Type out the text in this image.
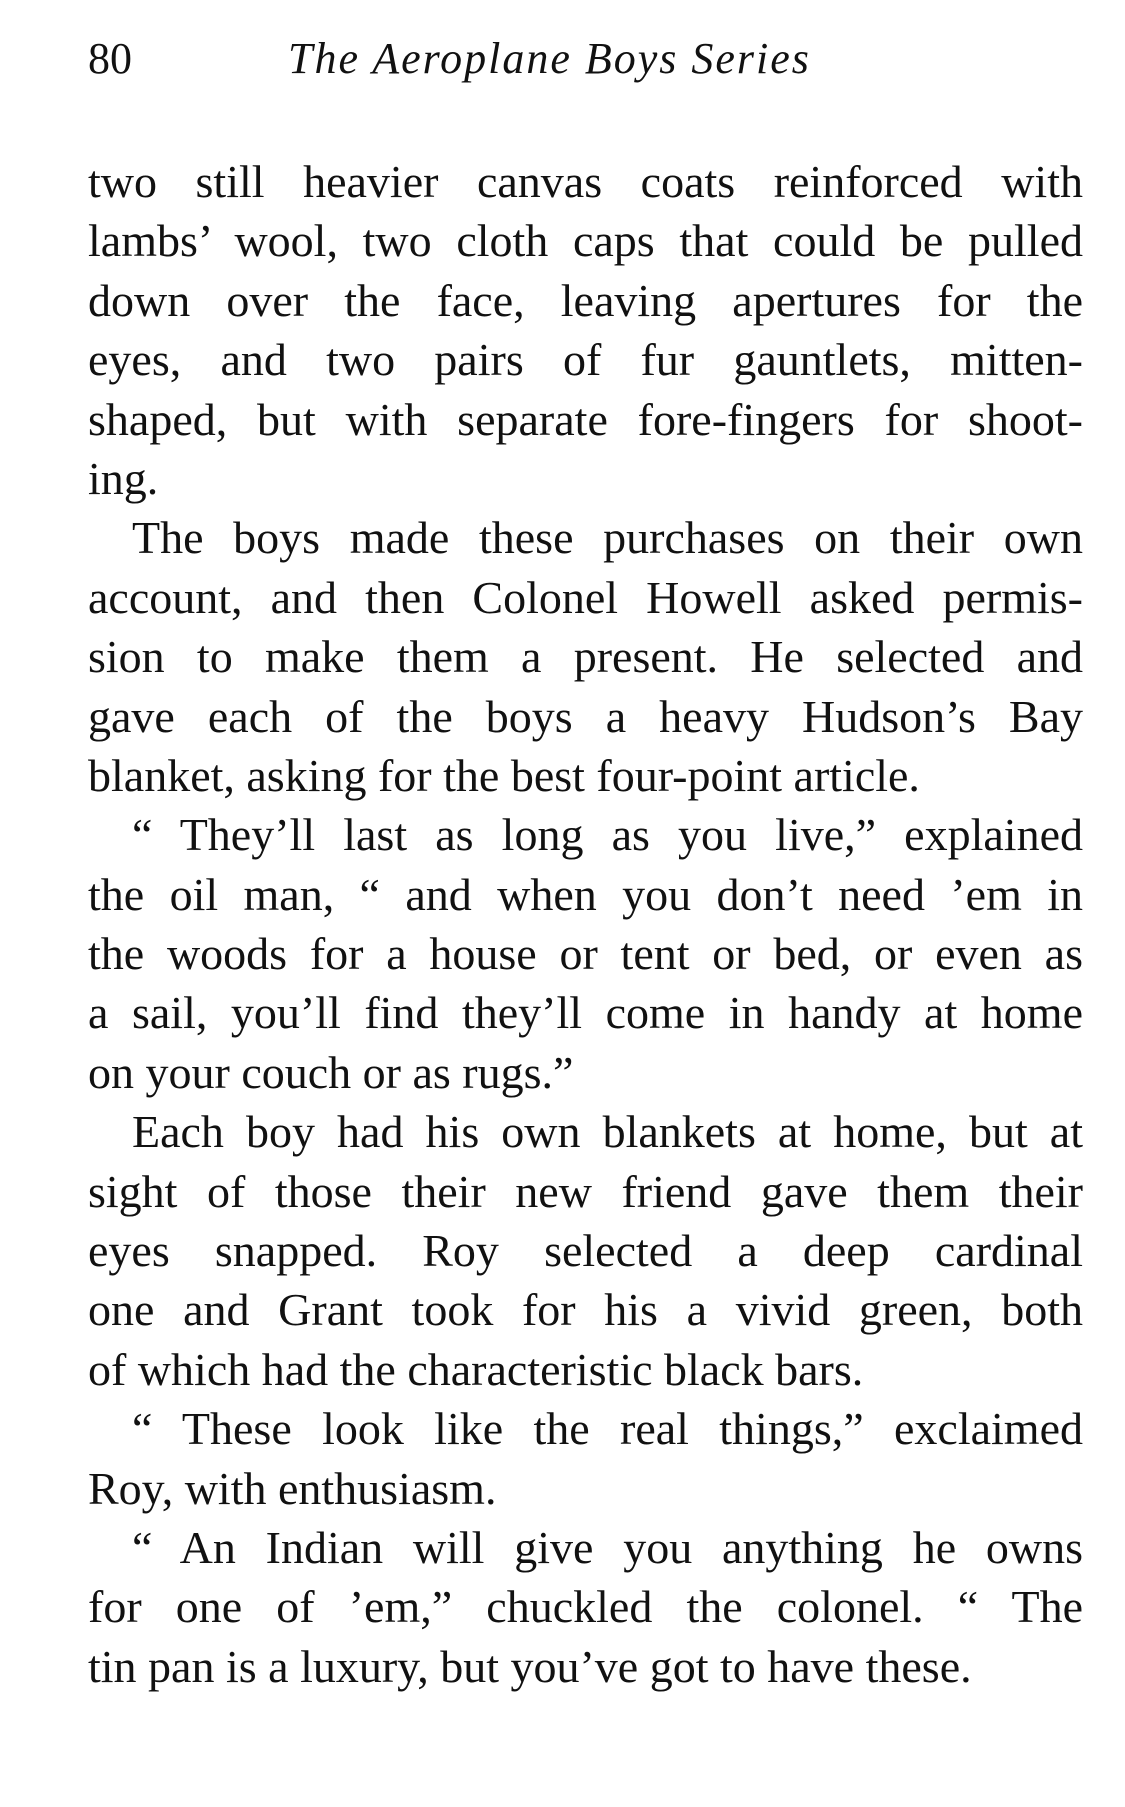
80	The Aeroplane Boys Series
two still heavier canvas coats reinforced with
lambs’ wool, two cloth caps that could be pulled
down over the face, leaving apertures for the
eyes, and two pairs of fur gauntlets, mitten-
shaped, but with separate fore-fingers for shoot-
ing.
The boys made these purchases on their own
account, and then Colonel Howell asked permis-
sion to make them a present. He selected and
gave each of the boys a heavy Hudson’s Bay
blanket, asking for the best four-point article.
“ They’ll last as long as you live,” explained
the oil man, “ and when you don’t need ’em in
the woods for a house or tent or bed, or even as
a sail, you’ll find they’ll come in handy at home
on your couch or as rugs.”
Each boy had his own blankets at home, but at
sight of those their new friend gave them their
eyes snapped. Roy selected a deep cardinal
one and Grant took for his a vivid green, both
of which had the characteristic black bars.
“ These look like the real things,” exclaimed
Roy, with enthusiasm.
“ An Indian will give you anything he owns
for one of ’em,” chuckled the colonel. “ The
tin pan is a luxury, but you’ve got to have these.
